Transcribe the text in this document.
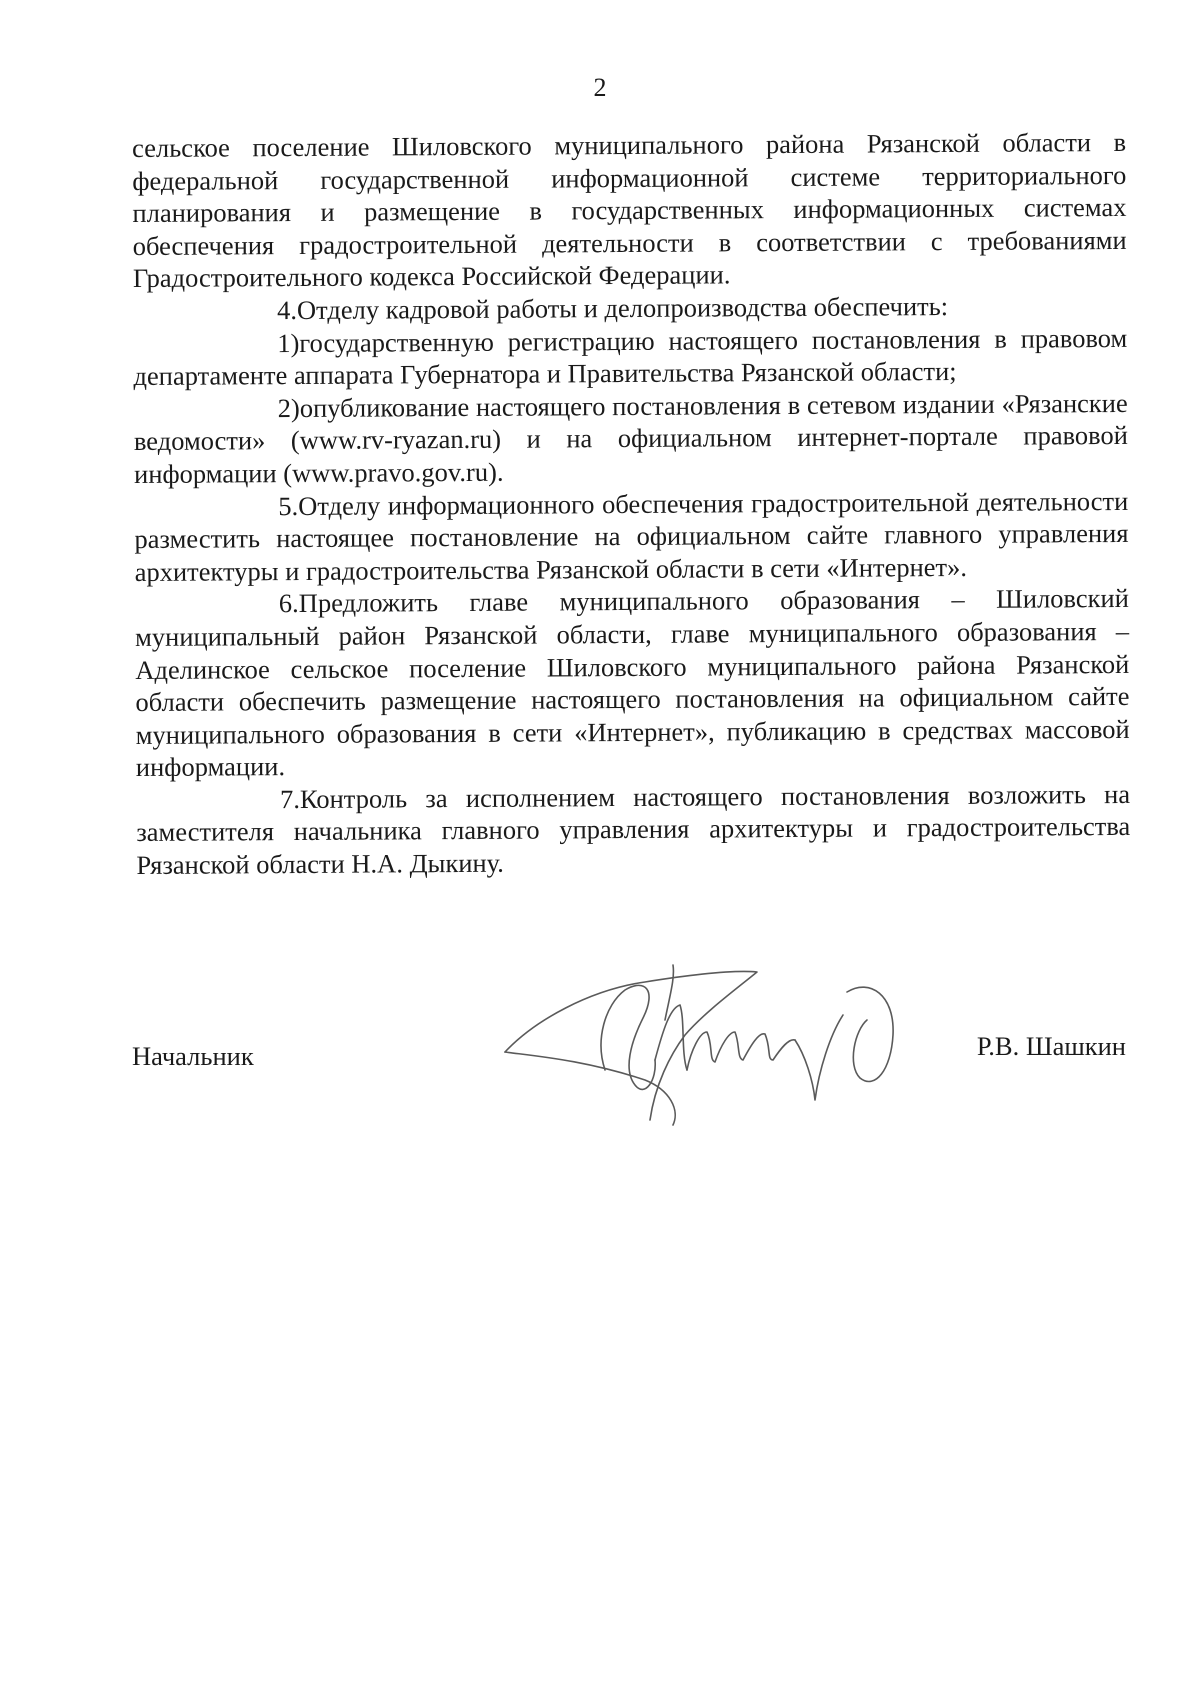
2

сельское поселение Шиловского муниципального района Рязанской области в федеральной государственной информационной системе территориального планирования и размещение в государственных информационных системах обеспечения градостроительной деятельности в соответствии с требованиями Градостроительного кодекса Российской Федерации.

4.Отделу кадровой работы и делопроизводства обеспечить:

1)государственную регистрацию настоящего постановления в правовом департаменте аппарата Губернатора и Правительства Рязанской области;

2)опубликование настоящего постановления в сетевом издании «Рязанские ведомости» (www.rv-ryazan.ru) и на официальном интернет-портале правовой информации (www.pravo.gov.ru).

5.Отделу информационного обеспечения градостроительной деятельности разместить настоящее постановление на официальном сайте главного управления архитектуры и градостроительства Рязанской области в сети «Интернет».

6.Предложить главе муниципального образования – Шиловский муниципальный район Рязанской области, главе муниципального образования – Аделинское сельское поселение Шиловского муниципального района Рязанской области обеспечить размещение настоящего постановления на официальном сайте муниципального образования в сети «Интернет», публикацию в средствах массовой информации.

7.Контроль за исполнением настоящего постановления возложить на заместителя начальника главного управления архитектуры и градостроительства Рязанской области Н.А. Дыкину.

Начальник	Р.В. Шашкин
